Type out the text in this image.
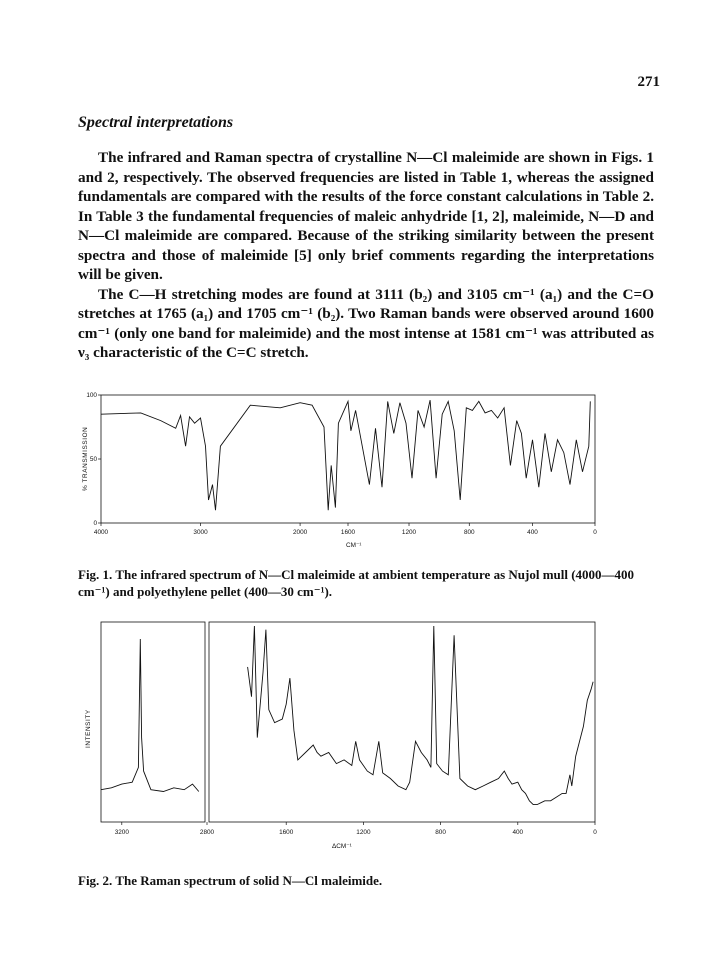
271
Spectral interpretations

The infrared and Raman spectra of crystalline N—Cl maleimide are shown in Figs. 1 and 2, respectively. The observed frequencies are listed in Table 1, whereas the assigned fundamentals are compared with the results of the force constant calculations in Table 2. In Table 3 the fundamental frequencies of maleic anhydride [1, 2], maleimide, N—D and N—Cl maleimide are compared. Because of the striking similarity between the present spectra and those of maleimide [5] only brief comments regarding the interpretations will be given.

The C—H stretching modes are found at 3111 (b₂) and 3105 cm⁻¹ (a₁) and the C=O stretches at 1765 (a₁) and 1705 cm⁻¹ (b₂). Two Raman bands were observed around 1600 cm⁻¹ (only one band for maleimide) and the most intense at 1581 cm⁻¹ was attributed as ν₃ characteristic of the C=C stretch.

% TRANSMISSION
CM⁻¹
100
50
0
4000	3000	2000	1600	1200	800	400	0
Fig. 1. The infrared spectrum of N—Cl maleimide at ambient temperature as Nujol mull (4000—400 cm⁻¹) and polyethylene pellet (400—30 cm⁻¹).
INTENSITY
ΔCM⁻¹
3200	2800	1600	1200	800	400	0
Fig. 2. The Raman spectrum of solid N—Cl maleimide.
